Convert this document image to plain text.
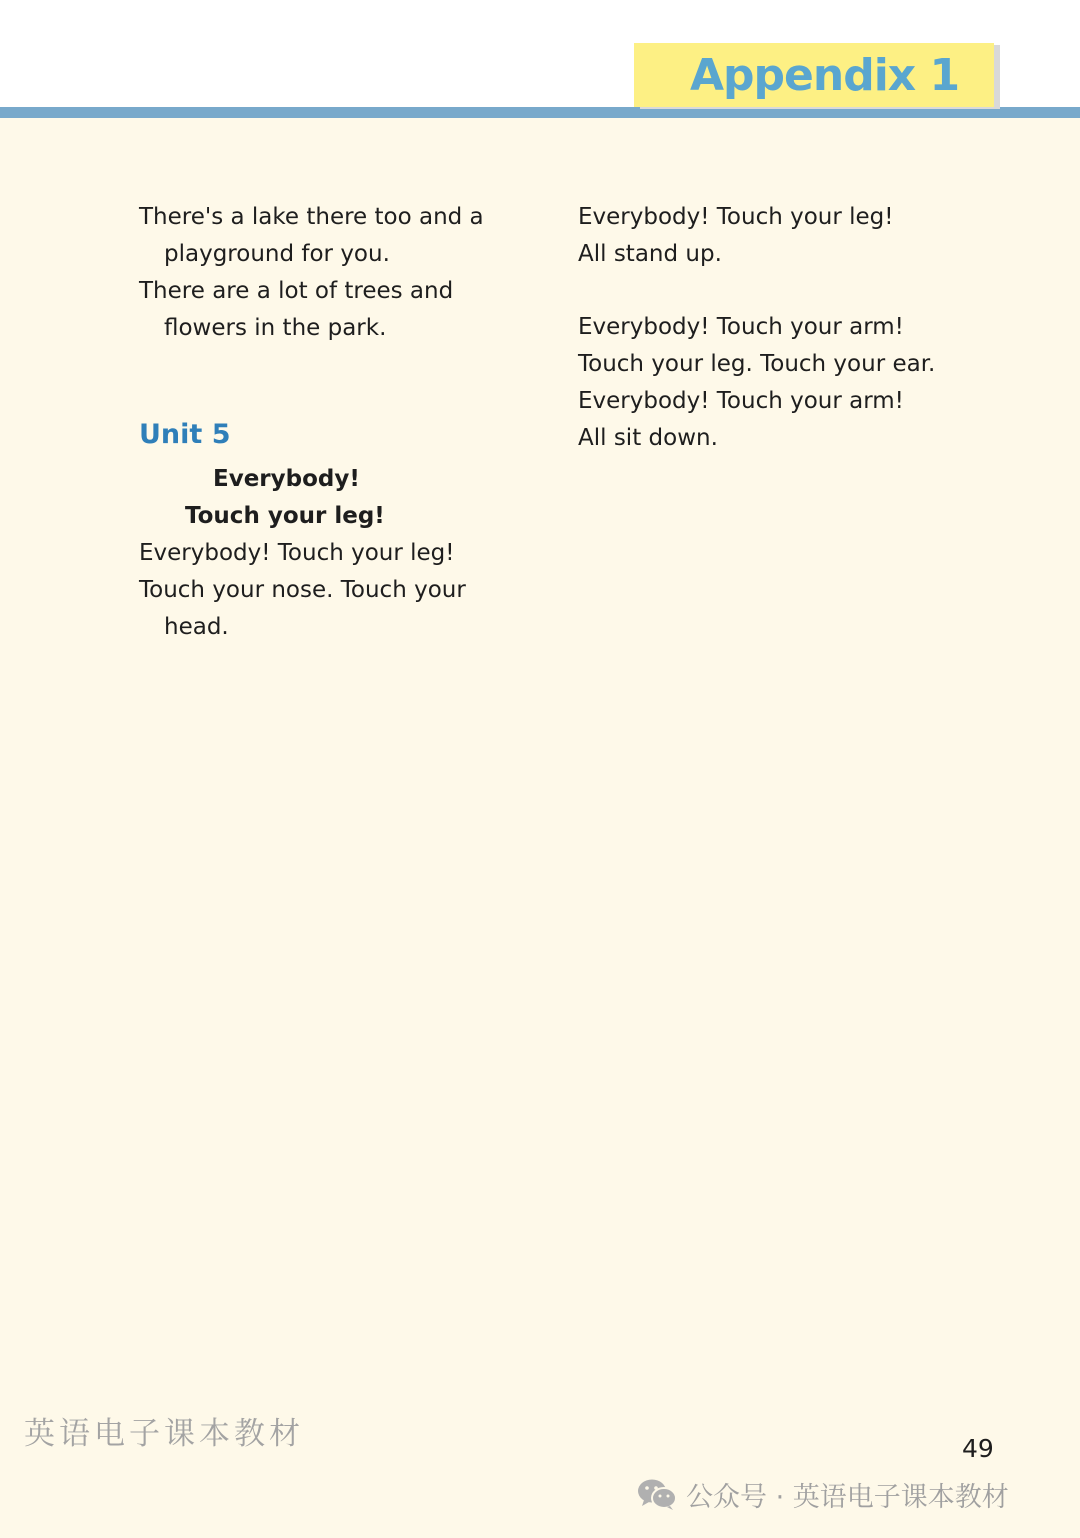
Appendix 1
There's a lake there too and a
playground for you.
There are a lot of trees and
flowers in the park.
Unit 5
Everybody!
Touch your leg!
Everybody! Touch your leg!
Touch your nose. Touch your
head.
Everybody! Touch your leg!
All stand up.
Everybody! Touch your arm!
Touch your leg. Touch your ear.
Everybody! Touch your arm!
All sit down.
英语电子课本教材	49
公众号 · 英语电子课本教材
